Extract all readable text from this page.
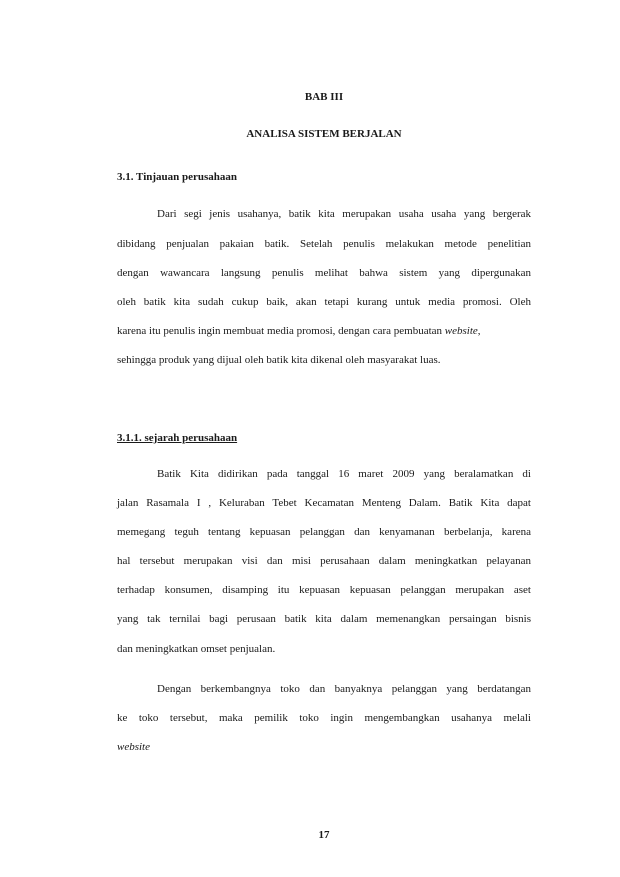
BAB III
ANALISA SISTEM BERJALAN
3.1. Tinjauan perusahaan
Dari segi jenis usahanya, batik kita merupakan usaha usaha yang bergerak
dibidang penjualan pakaian batik. Setelah penulis melakukan metode penelitian
dengan wawancara langsung penulis melihat bahwa sistem yang dipergunakan
oleh batik kita sudah cukup baik, akan tetapi kurang untuk media promosi. Oleh
karena itu penulis ingin membuat media promosi, dengan cara pembuatan website,
sehingga produk yang dijual oleh batik kita dikenal oleh masyarakat luas.
3.1.1. sejarah perusahaan
Batik Kita didirikan pada tanggal 16 maret 2009 yang beralamatkan di
jalan Rasamala I , Keluraban Tebet Kecamatan Menteng Dalam. Batik Kita dapat
memegang teguh tentang kepuasan pelanggan dan kenyamanan berbelanja, karena
hal tersebut merupakan visi dan misi perusahaan dalam meningkatkan pelayanan
terhadap konsumen, disamping itu kepuasan kepuasan pelanggan merupakan aset
yang tak ternilai bagi perusaan batik kita dalam memenangkan persaingan bisnis
dan meningkatkan omset penjualan.
Dengan berkembangnya toko dan banyaknya pelanggan yang berdatangan
ke toko tersebut, maka pemilik toko ingin mengembangkan usahanya melali
website
17
